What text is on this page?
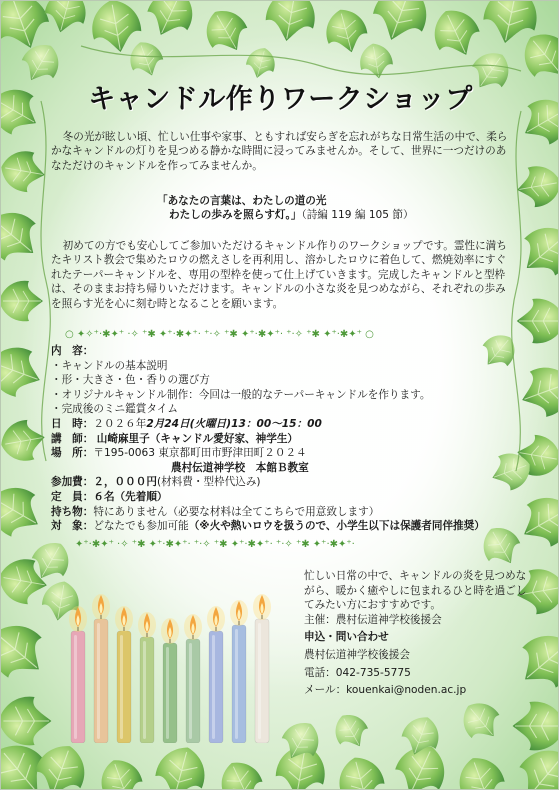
キャンドル作りワークショップ

冬の光が眩しい頃、忙しい仕事や家事、ともすれば安らぎを忘れがちな日常生活の中で、柔らかなキャンドルの灯りを見つめる静かな時間に浸ってみませんか。そして、世界に一つだけのあなただけのキャンドルを作ってみませんか。

「あなたの言葉は、わたしの道の光
わたしの歩みを照らす灯。」（詩編 119 編 105 節）

初めての方でも安心してご参加いただけるキャンドル作りのワークショップです。霊性に満ちたキリスト教会で集めたロウの燃えさしを再利用し、溶かしたロウに着色して、燃焼効率にすぐれたテーパーキャンドルを、専用の型枠を使って仕上げていきます。完成したキャンドルと型枠は、そのままお持ち帰りいただけます。キャンドルの小さな炎を見つめながら、それぞれの歩みを照らす光を心に刻む時となることを願います。

○ ✦✧⁺‧✱✦⁺ ‧✧ ⁺✱ ✦⁺‧✱✦⁺‧ ⁺‧✧ ⁺✱ ✦⁺‧✱✦⁺‧ ⁺‧✧ ⁺✱ ✦⁺‧✱✦⁺ ○
内　容：
・キャンドルの基本説明
・形・大きさ・色・香りの選び方
・オリジナルキャンドル制作：今回は一般的なテーパーキャンドルを作ります。
・完成後のミニ鑑賞タイム
日　時：２０２６年2月24日(火曜日)13：00～15：00
講　師： 山崎麻里子（キャンドル愛好家、神学生）
場　所：〒195-0063 東京都町田市野津田町２０２４
農村伝道神学校　本館Ｂ教室
参加費：２，０００円(材料費・型枠代込み)
定　員：６名（先着順）
持ち物：特にありません（必要な材料は全てこちらで用意致します）
対　象：どなたでも参加可能（※火や熱いロウを扱うので、小学生以下は保護者同伴推奨）
✦⁺‧✱✦⁺ ‧✧ ⁺✱ ✦⁺‧✱✦⁺‧ ⁺‧✧ ⁺✱ ✦⁺‧✱✦⁺‧ ⁺‧✧ ⁺✱ ✦⁺‧✱✦⁺‧

忙しい日常の中で、キャンドルの炎を見つめながら、暖かく癒やしに包まれるひと時を過ごしてみたい方におすすめです。

主催：農村伝道神学校後援会

申込・問い合わせ

農村伝道神学校後援会

電話：042-735-5775

メール：kouenkai@noden.ac.jp
